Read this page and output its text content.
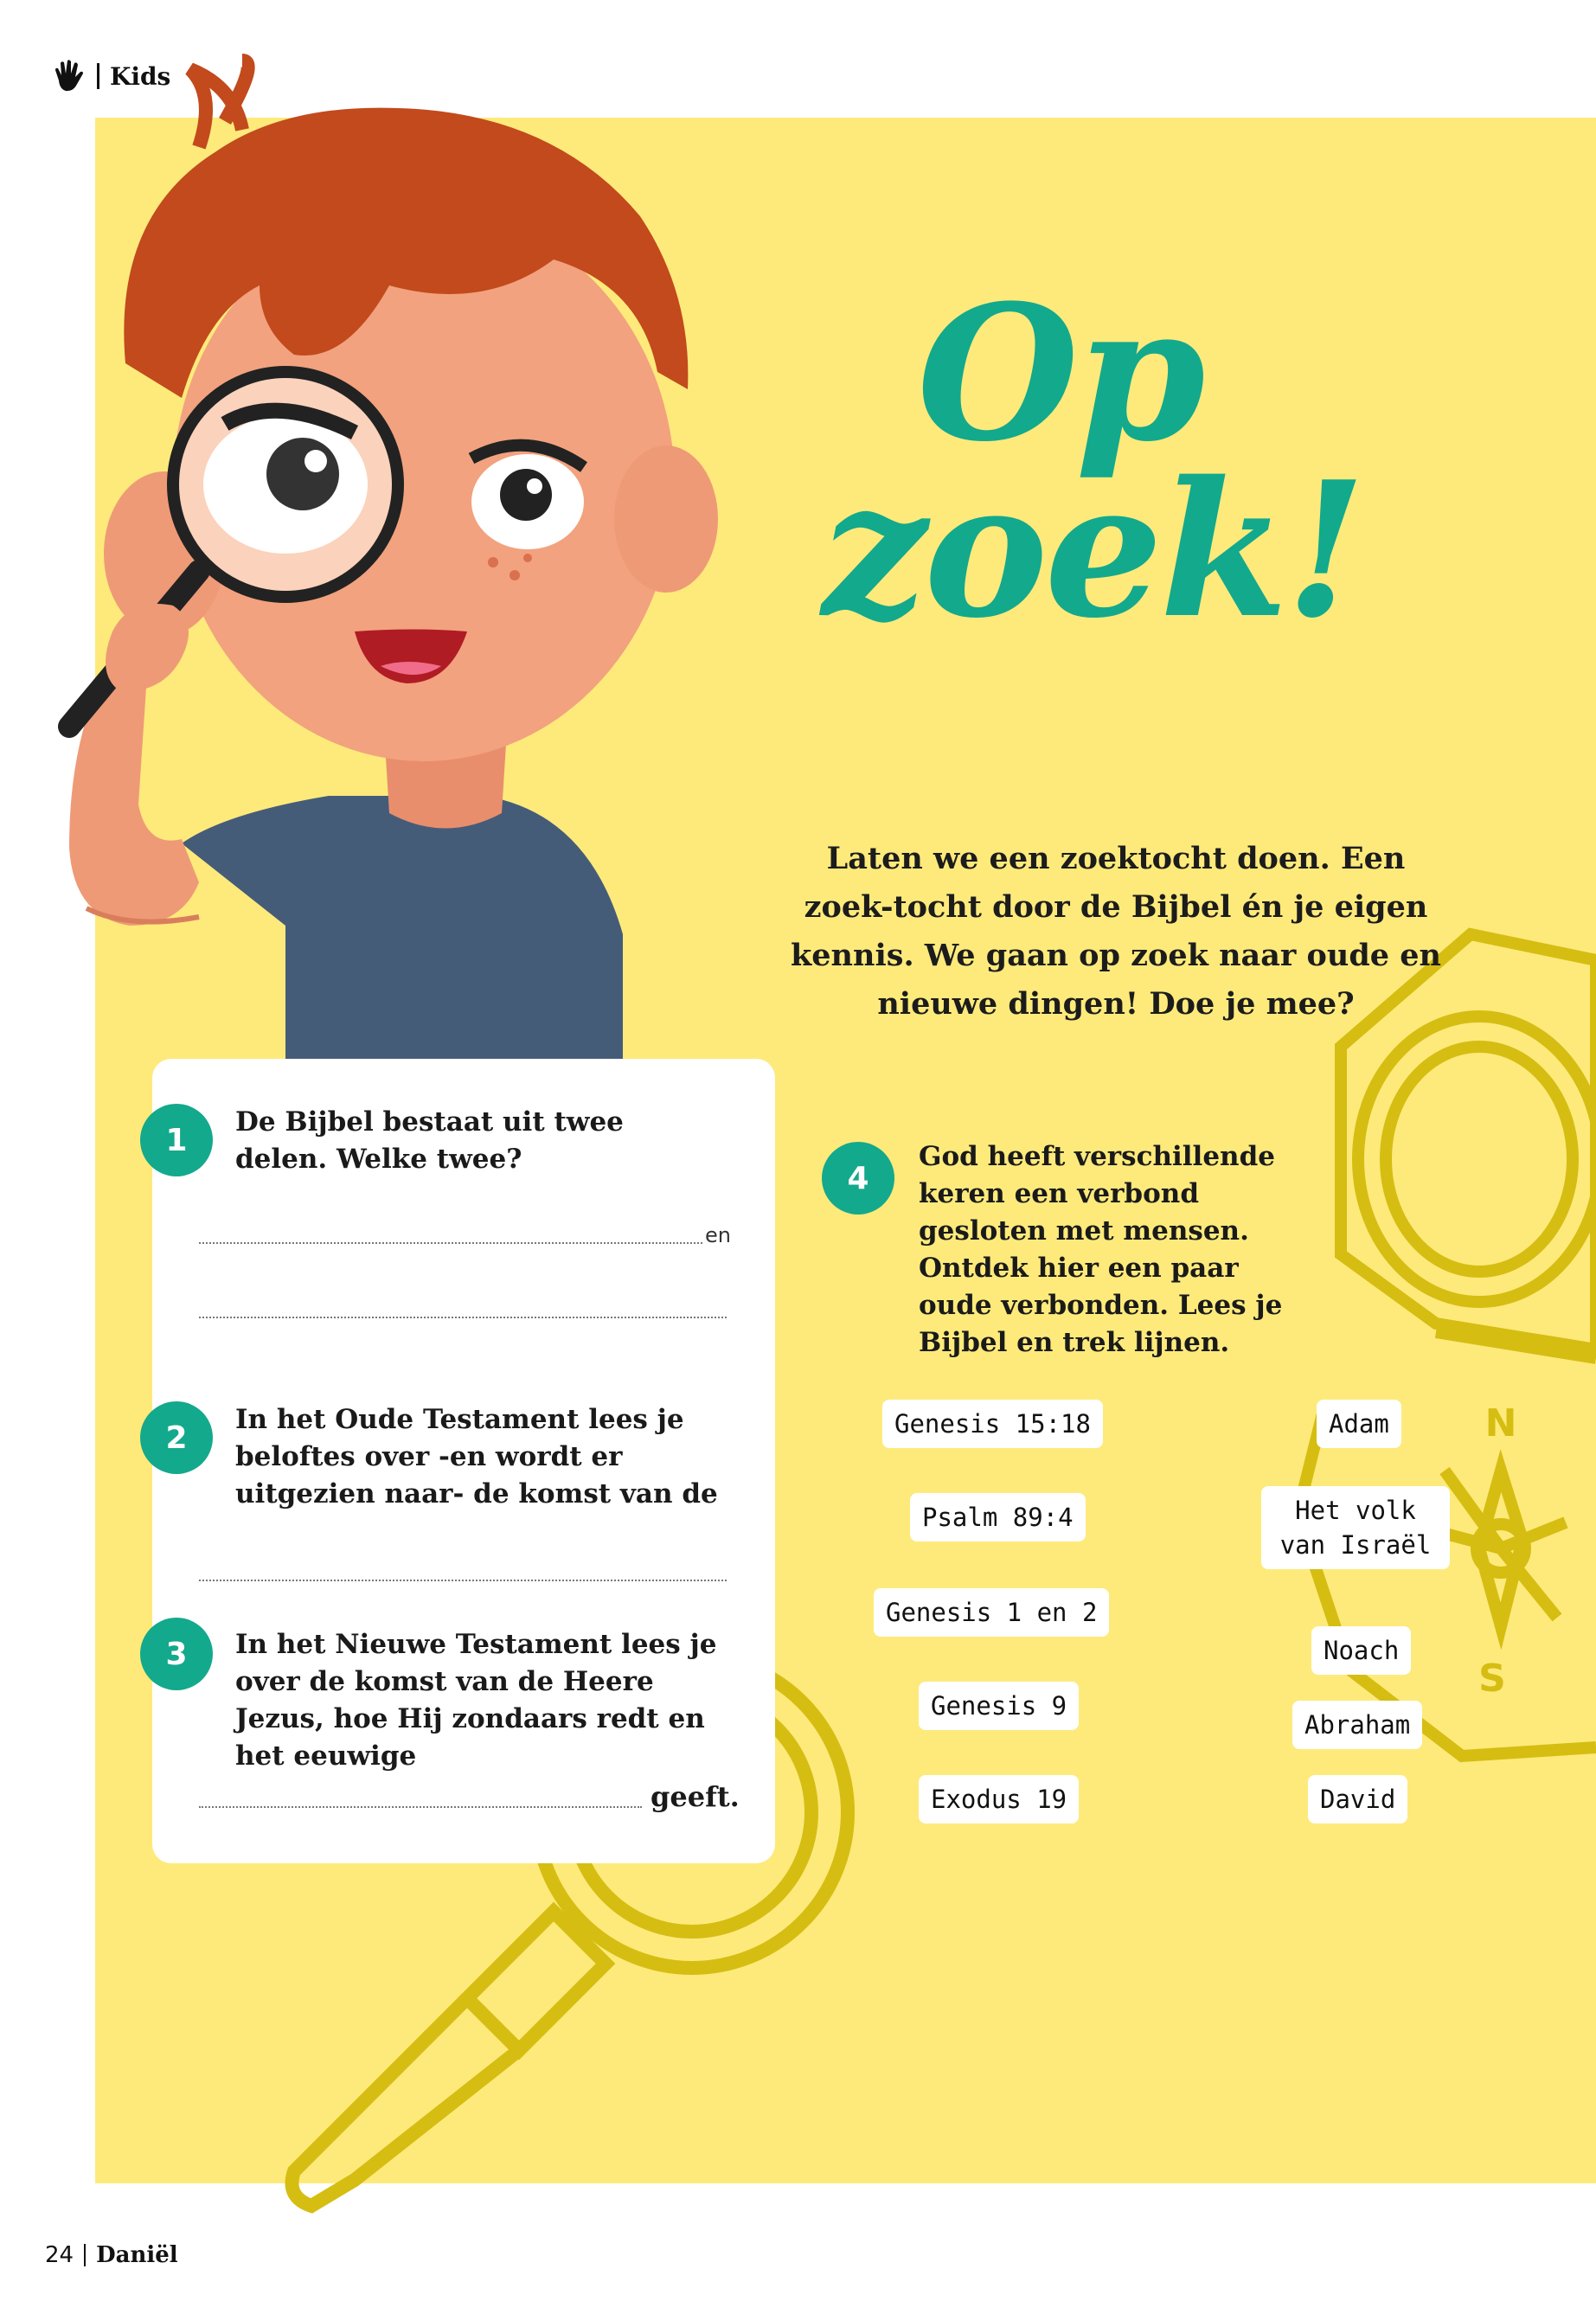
Kids
N
S
Op
zoek!
Laten we een zoektocht doen. Een zoek-tocht door de Bijbel én je eigen kennis. We gaan op zoek naar oude en nieuwe dingen! Doe je mee?
1
De Bijbel bestaat uit twee delen. Welke twee?
en
2
In het Oude Testament lees je beloftes over -en wordt er uitgezien naar- de komst van de
3	In het Nieuwe Testament lees je over de komst van de Heere Jezus, hoe Hij zondaars redt en het eeuwige
geeft.
4
God heeft verschillende keren een verbond gesloten met mensen. Ontdek hier een paar oude verbonden. Lees je Bijbel en trek lijnen.
Genesis 15:18
Psalm 89:4
Genesis 1 en 2
Genesis 9
Exodus 19
Adam
Het volk van Israël
Noach
Abraham
David
24 Daniël
